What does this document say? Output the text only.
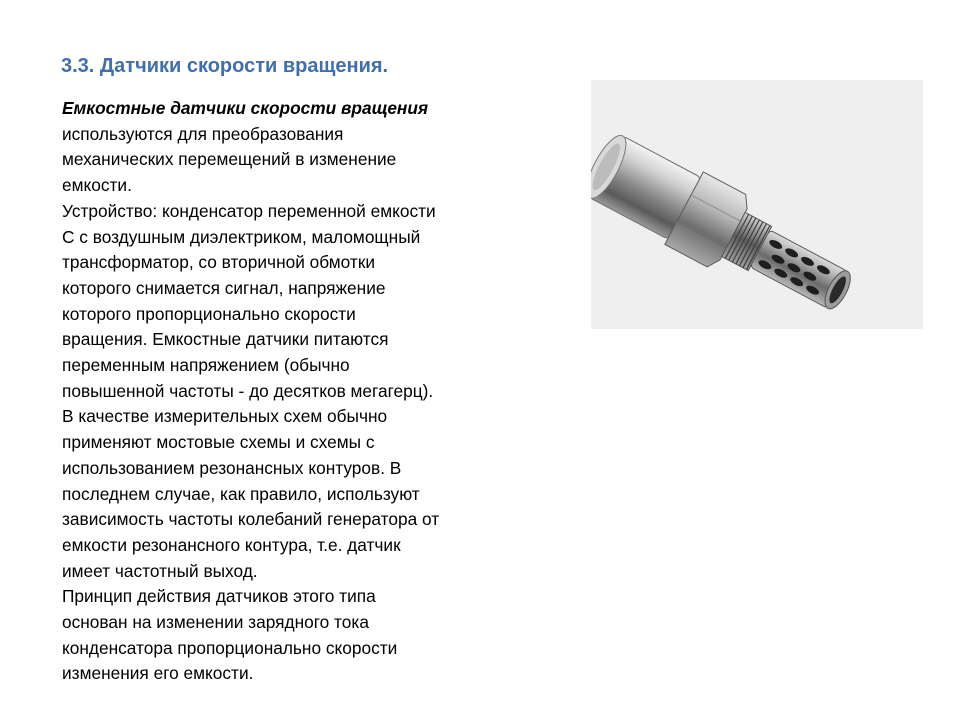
3.3. Датчики скорости вращения.
Емкостные датчики скорости вращения
используются для преобразования
механических перемещений в изменение
емкости.
Устройство: конденсатор переменной емкости
С с воздушным диэлектриком, маломощный
трансформатор, со вторичной обмотки
которого снимается сигнал, напряжение
которого пропорционально скорости
вращения. Емкостные датчики питаются
переменным напряжением (обычно
повышенной частоты - до десятков мегагерц).
В качестве измерительных схем обычно
применяют мостовые схемы и схемы с
использованием резонансных контуров. В
последнем случае, как правило, используют
зависимость частоты колебаний генератора от
емкости резонансного контура, т.е. датчик
имеет частотный выход.
Принцип действия датчиков этого типа
основан на изменении зарядного тока
конденсатора пропорционально скорости
изменения его емкости.
